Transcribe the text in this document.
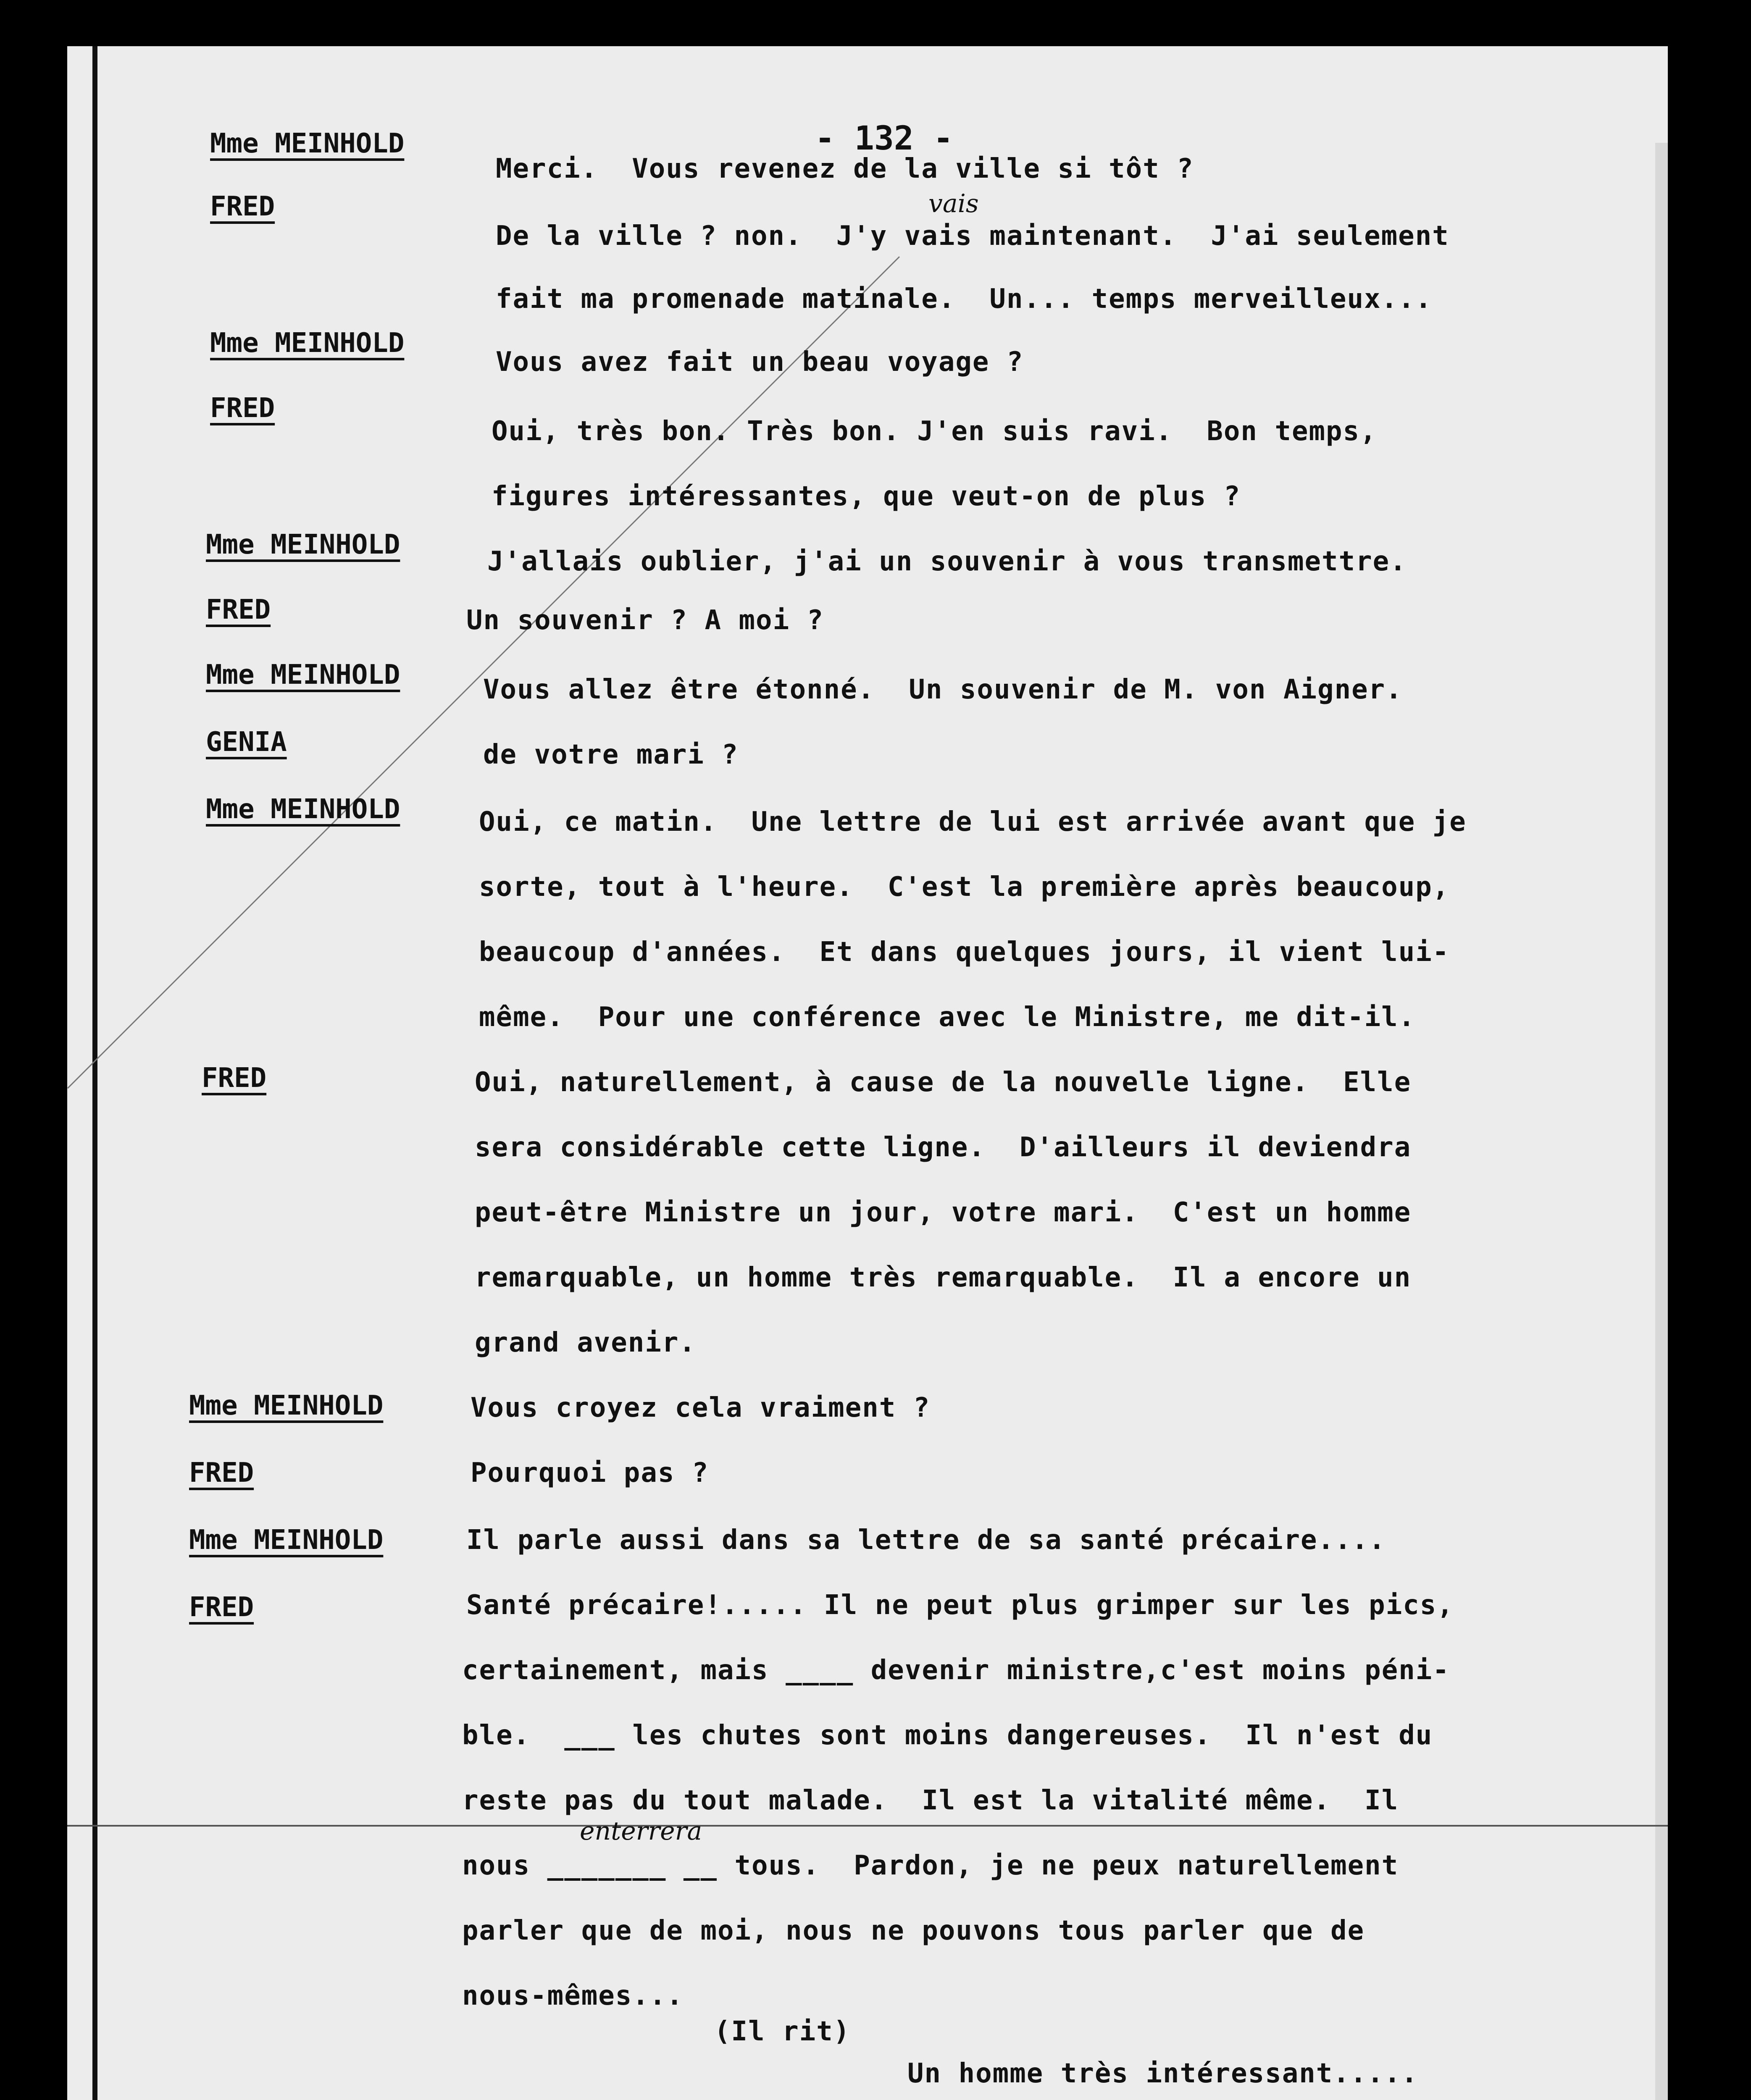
- 132 -
Mme MEINHOLD
FRED
Mme MEINHOLD
FRED
Mme MEINHOLD
FRED
Mme MEINHOLD
GENIA
Mme MEINHOLD
FRED
Mme MEINHOLD
FRED
Mme MEINHOLD
FRED
Merci.  Vous revenez de la ville si tôt ?
De la ville ? non.  J'y vais maintenant.  J'ai seulement
fait ma promenade matinale.  Un... temps merveilleux...
Vous avez fait un beau voyage ?
Oui, très bon. Très bon. J'en suis ravi.  Bon temps,
figures intéressantes, que veut-on de plus ?
J'allais oublier, j'ai un souvenir à vous transmettre.
Un souvenir ? A moi ?
Vous allez être étonné.  Un souvenir de M. von Aigner.
de votre mari ?
Oui, ce matin.  Une lettre de lui est arrivée avant que je
sorte, tout à l'heure.  C'est la première après beaucoup,
beaucoup d'années.  Et dans quelques jours, il vient lui-
même.  Pour une conférence avec le Ministre, me dit-il.
Oui, naturellement, à cause de la nouvelle ligne.  Elle
sera considérable cette ligne.  D'ailleurs il deviendra
peut-être Ministre un jour, votre mari.  C'est un homme
remarquable, un homme très remarquable.  Il a encore un
grand avenir.
Vous croyez cela vraiment ?
Pourquoi pas ?
Il parle aussi dans sa lettre de sa santé précaire....
Santé précaire!..... Il ne peut plus grimper sur les pics,
certainement, mais ____ devenir ministre,c'est moins péni-
ble.  ___ les chutes sont moins dangereuses.  Il n'est du
reste pas du tout malade.  Il est la vitalité même.  Il
nous _______ __ tous.  Pardon, je ne peux naturellement
parler que de moi, nous ne pouvons tous parler que de
nous-mêmes...
(Il rit)
Un homme très intéressant.....
vais
enterrera
